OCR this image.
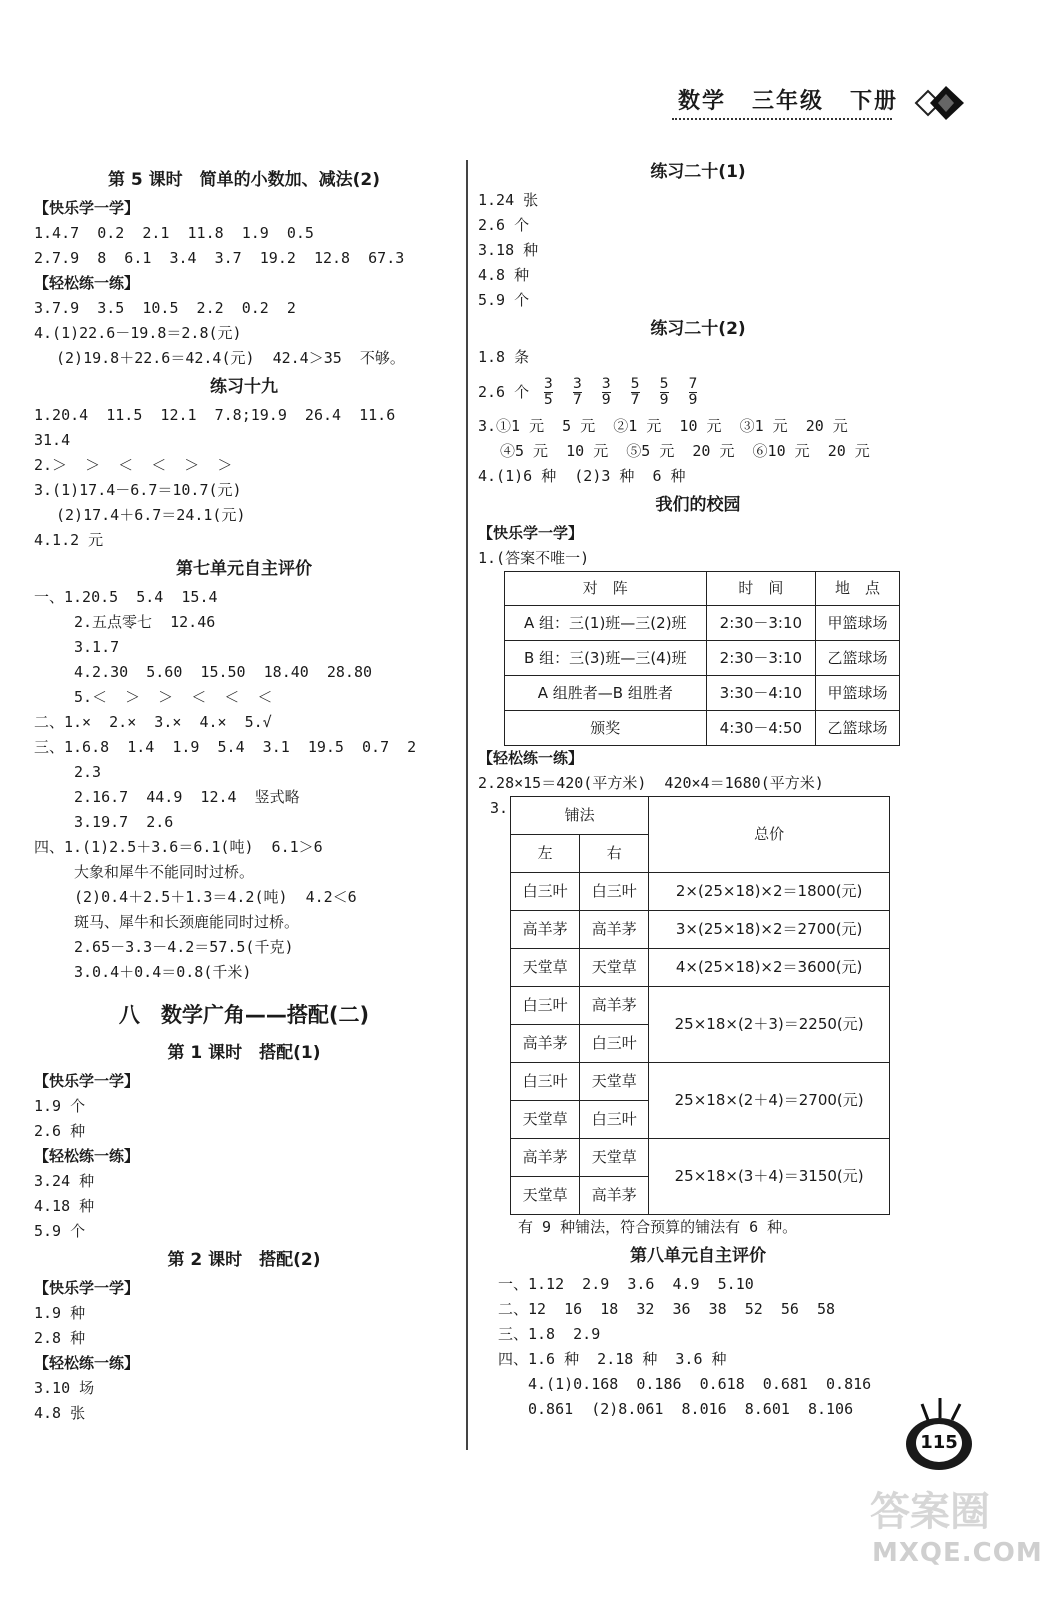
数学 三年级 下册
第 5 课时　简单的小数加、减法(2)
【快乐学一学】
1.4.7  0.2  2.1  11.8  1.9  0.5
2.7.9  8  6.1  3.4  3.7  19.2  12.8  67.3
【轻松练一练】
3.7.9  3.5  10.5  2.2  0.2  2
4.(1)22.6－19.8＝2.8(元)
(2)19.8＋22.6＝42.4(元)  42.4＞35  不够。
练习十九
1.20.4  11.5  12.1  7.8;19.9  26.4  11.6
31.4
2.＞  ＞  ＜  ＜  ＞  ＞
3.(1)17.4－6.7＝10.7(元)
(2)17.4＋6.7＝24.1(元)
4.1.2 元
第七单元自主评价
一、1.20.5  5.4  15.4
2.五点零七  12.46
3.1.7
4.2.30  5.60  15.50  18.40  28.80
5.＜  ＞  ＞  ＜  ＜  ＜
二、1.×  2.×  3.×  4.×  5.√
三、1.6.8  1.4  1.9  5.4  3.1  19.5  0.7  2
2.3
2.16.7  44.9  12.4  竖式略
3.19.7  2.6
四、1.(1)2.5＋3.6＝6.1(吨)  6.1＞6
大象和犀牛不能同时过桥。
(2)0.4＋2.5＋1.3＝4.2(吨)  4.2＜6
斑马、犀牛和长颈鹿能同时过桥。
2.65－3.3－4.2＝57.5(千克)
3.0.4＋0.4＝0.8(千米)
八　数学广角——搭配(二)
第 1 课时　搭配(1)
【快乐学一学】
1.9 个
2.6 种
【轻松练一练】
3.24 种
4.18 种
5.9 个
第 2 课时　搭配(2)
【快乐学一学】
1.9 种
2.8 种
【轻松练一练】
3.10 场
4.8 张
练习二十(1)
1.24 张
2.6 个
3.18 种
4.8 种
5.9 个
练习二十(2)
1.8 条
2.6 个 $\frac{3}{5} \frac{3}{7} \frac{3}{9} \frac{5}{7} \frac{5}{9} \frac{7}{9}$
3.①1 元  5 元  ②1 元  10 元  ③1 元  20 元
④5 元  10 元  ⑤5 元  20 元  ⑥10 元  20 元
4.(1)6 种  (2)3 种  6 种
我们的校园
【快乐学一学】
1.(答案不唯一)
对　阵	时　间	地　点
A 组：三(1)班—三(2)班	2:30－3:10	甲篮球场
B 组：三(3)班—三(4)班	2:30－3:10	乙篮球场
A 组胜者—B 组胜者	3:30－4:10	甲篮球场
颁奖	4:30－4:50	乙篮球场
【轻松练一练】
2.28×15＝420(平方米)  420×4＝1680(平方米)
3.	铺法		总价
左	右	
白三叶	白三叶	2×(25×18)×2＝1800(元)
高羊茅	高羊茅	3×(25×18)×2＝2700(元)
天堂草	天堂草	4×(25×18)×2＝3600(元)
白三叶	高羊茅	25×18×(2＋3)＝2250(元)
高羊茅	白三叶	
白三叶	天堂草	25×18×(2＋4)＝2700(元)
天堂草	白三叶	
高羊茅	天堂草	25×18×(3＋4)＝3150(元)
天堂草	高羊茅	
有 9 种铺法，符合预算的铺法有 6 种。
第八单元自主评价
一、1.12  2.9  3.6  4.9  5.10
二、12  16  18  32  36  38  52  56  58
三、1.8  2.9
四、1.6 种  2.18 种  3.6 种
4.(1)0.168  0.186  0.618  0.681  0.816
0.861  (2)8.061  8.016  8.601  8.106
115
答案圈
MXQE.COM
